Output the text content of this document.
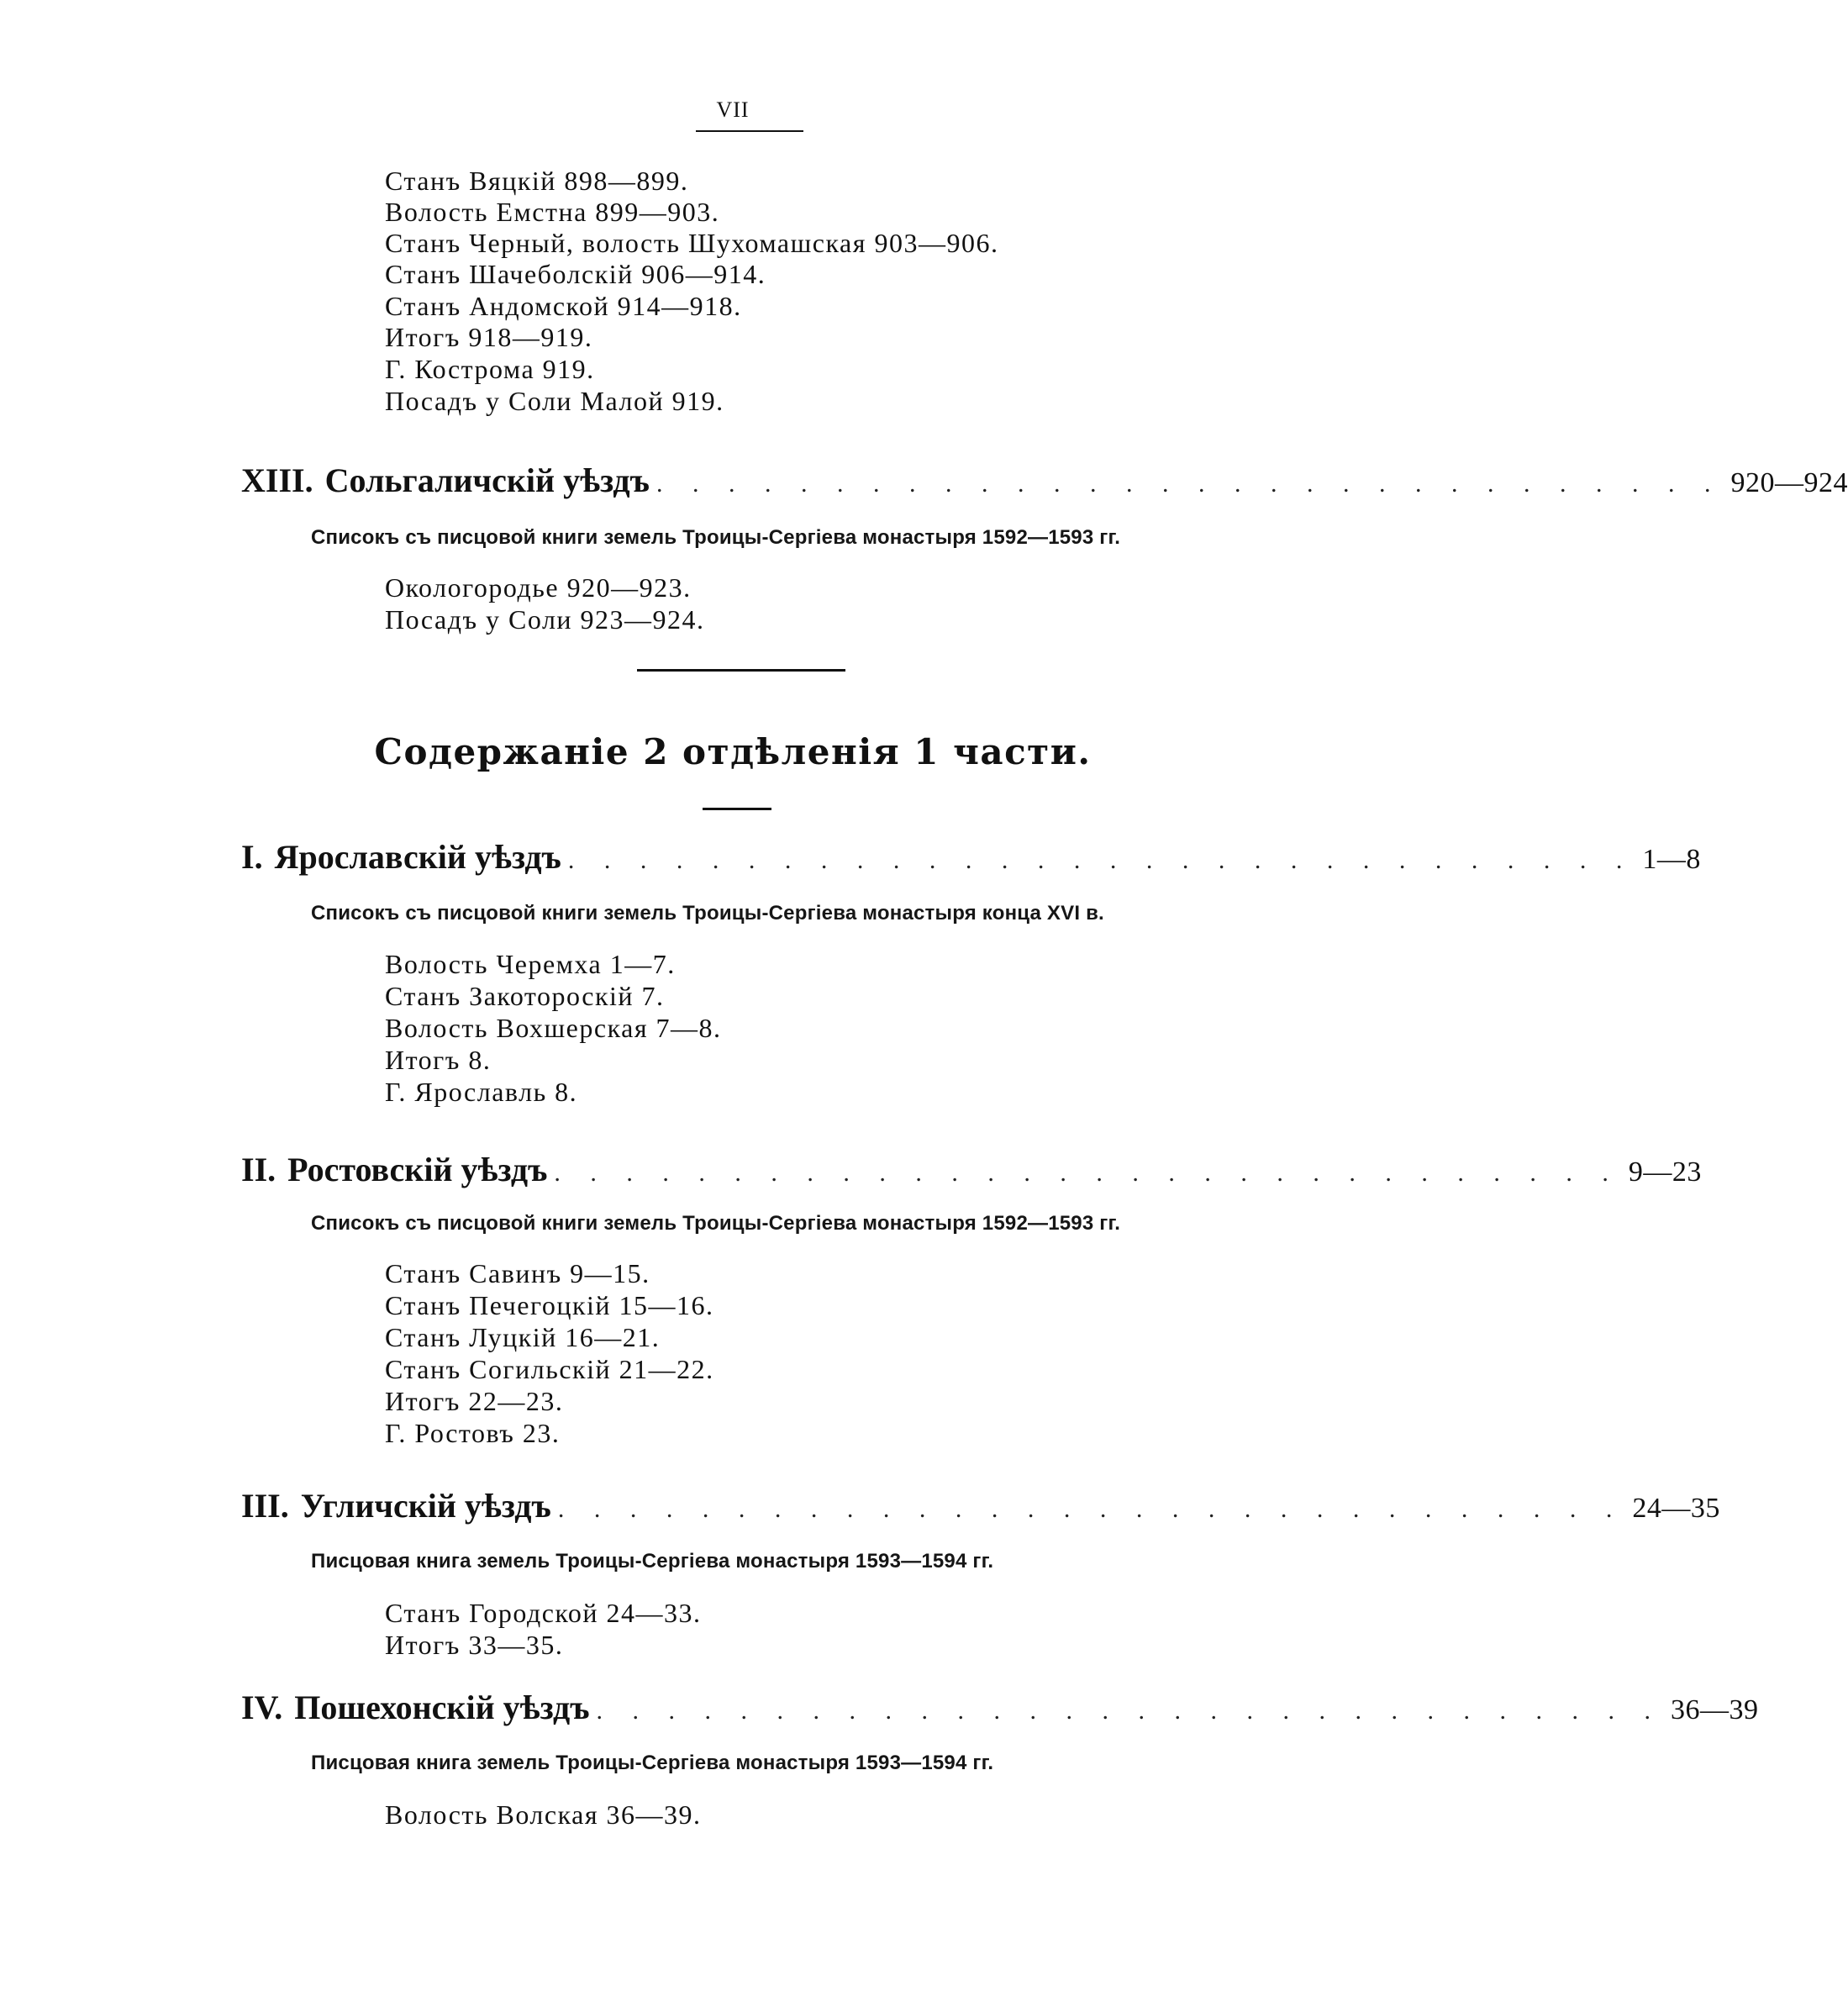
VII
Станъ Вяцкій 898—899.
Волость Емстна 899—903.
Станъ Черный, волость Шухомашская 903—906.
Станъ Шачеболскій 906—914.
Станъ Андомской 914—918.
Итогъ 918—919.
Г. Кострома 919.
Посадъ у Соли Малой 919.
XIII. Сольгаличскій уѣздъ . . . . . . . . . . . . . . . . . . . . . . . . . . . . . . 920—924
Списокъ съ писцовой книги земель Троицы-Сергіева монастыря 1592—1593 гг.
Окологородье 920—923.
Посадъ у Соли 923—924.
Содержаніе 2 отдѣленія 1 части.
I. Ярославскій уѣздъ . . . . . . . . . . . . . . . . . . . . . . . . . . . . . . 1—8
Списокъ съ писцовой книги земель Троицы-Сергіева монастыря конца XVI в.
Волость Черемха 1—7.
Станъ Закотороскій 7.
Волость Вохшерская 7—8.
Итогъ 8.
Г. Ярославль 8.
II. Ростовскій уѣздъ . . . . . . . . . . . . . . . . . . . . . . . . . . . . . . 9—23
Списокъ съ писцовой книги земель Троицы-Сергіева монастыря 1592—1593 гг.
Станъ Савинъ 9—15.
Станъ Печегоцкій 15—16.
Станъ Луцкій 16—21.
Станъ Согильскій 21—22.
Итогъ 22—23.
Г. Ростовъ 23.
III. Угличскій уѣздъ . . . . . . . . . . . . . . . . . . . . . . . . . . . . . . 24—35
Писцовая книга земель Троицы-Сергіева монастыря 1593—1594 гг.
Станъ Городской 24—33.
Итогъ 33—35.
IV. Пошехонскій уѣздъ . . . . . . . . . . . . . . . . . . . . . . . . . . . . . . 36—39
Писцовая книга земель Троицы-Сергіева монастыря 1593—1594 гг.
Волость Волская 36—39.
